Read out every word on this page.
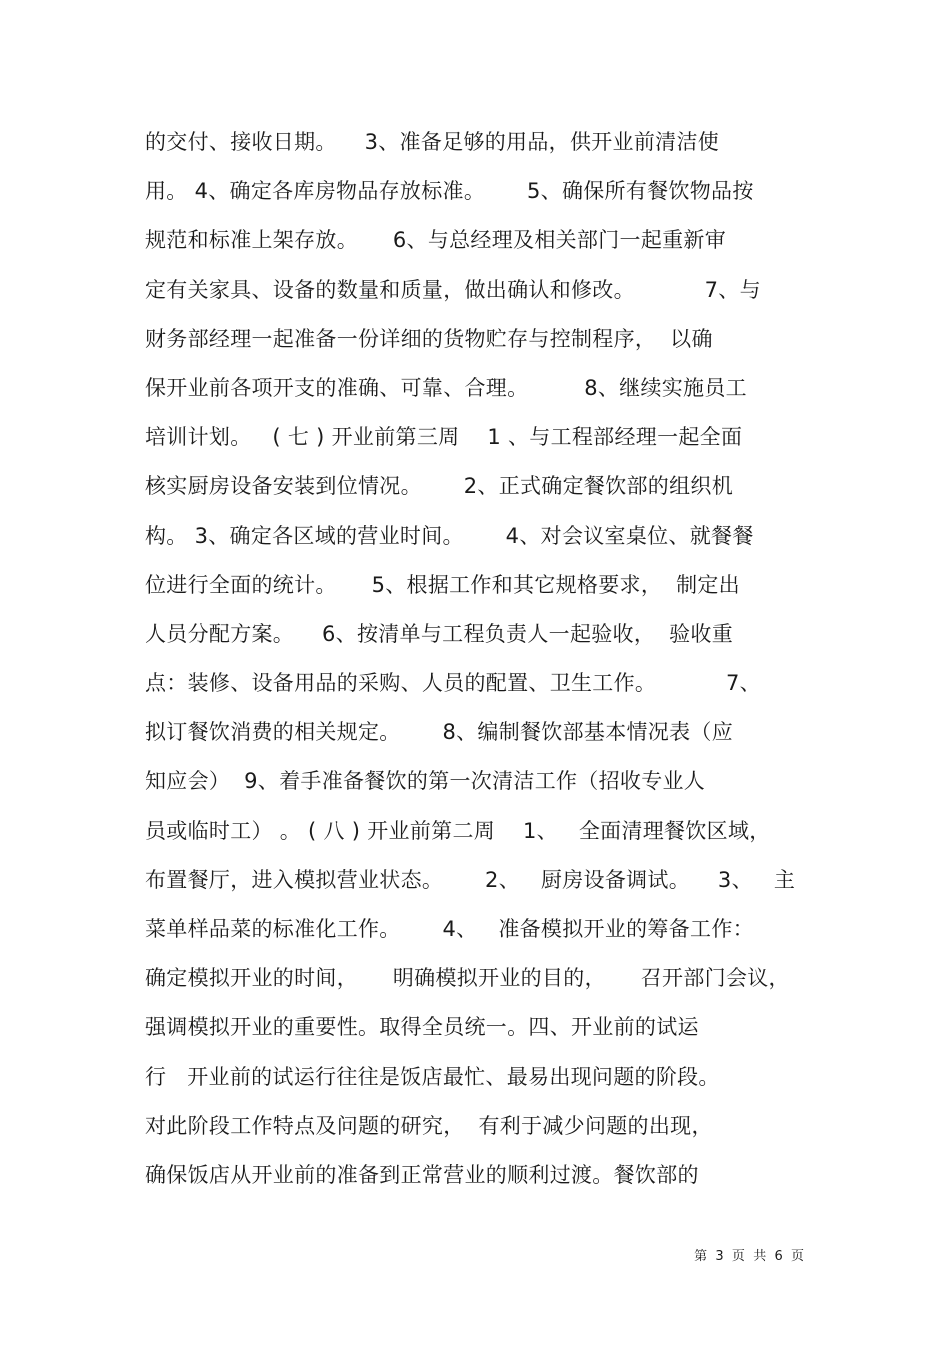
的交付、接收日期。    3、准备足够的用品，供开业前清洁使
用。 4、确定各库房物品存放标准。      5、确保所有餐饮物品按
规范和标准上架存放。     6、与总经理及相关部门一起重新审
定有关家具、设备的数量和质量，做出确认和修改。          7、与
财务部经理一起准备一份详细的货物贮存与控制程序，  以确
保开业前各项开支的准确、可靠、合理。        8、继续实施员工
培训计划。   ( 七 ) 开业前第三周    1 、与工程部经理一起全面
核实厨房设备安装到位情况。      2、正式确定餐饮部的组织机
构。 3、确定各区域的营业时间。      4、对会议室桌位、就餐餐
位进行全面的统计。     5、根据工作和其它规格要求，  制定出
人员分配方案。    6、按清单与工程负责人一起验收，  验收重
点：装修、设备用品的采购、人员的配置、卫生工作。          7、
拟订餐饮消费的相关规定。      8、编制餐饮部基本情况表（应
知应会）  9、着手准备餐饮的第一次清洁工作（招收专业人
员或临时工） 。 ( 八 ) 开业前第二周    1、   全面清理餐饮区域，
布置餐厅，进入模拟营业状态。      2、   厨房设备调试。    3、   主
菜单样品菜的标准化工作。      4、   准备模拟开业的筹备工作：
确定模拟开业的时间，     明确模拟开业的目的，     召开部门会议，
强调模拟开业的重要性。取得全员统一。四、开业前的试运
行   开业前的试运行往往是饭店最忙、最易出现问题的阶段。
对此阶段工作特点及问题的研究，  有利于减少问题的出现，
确保饭店从开业前的准备到正常营业的顺利过渡。餐饮部的
第  3  页  共  6  页
